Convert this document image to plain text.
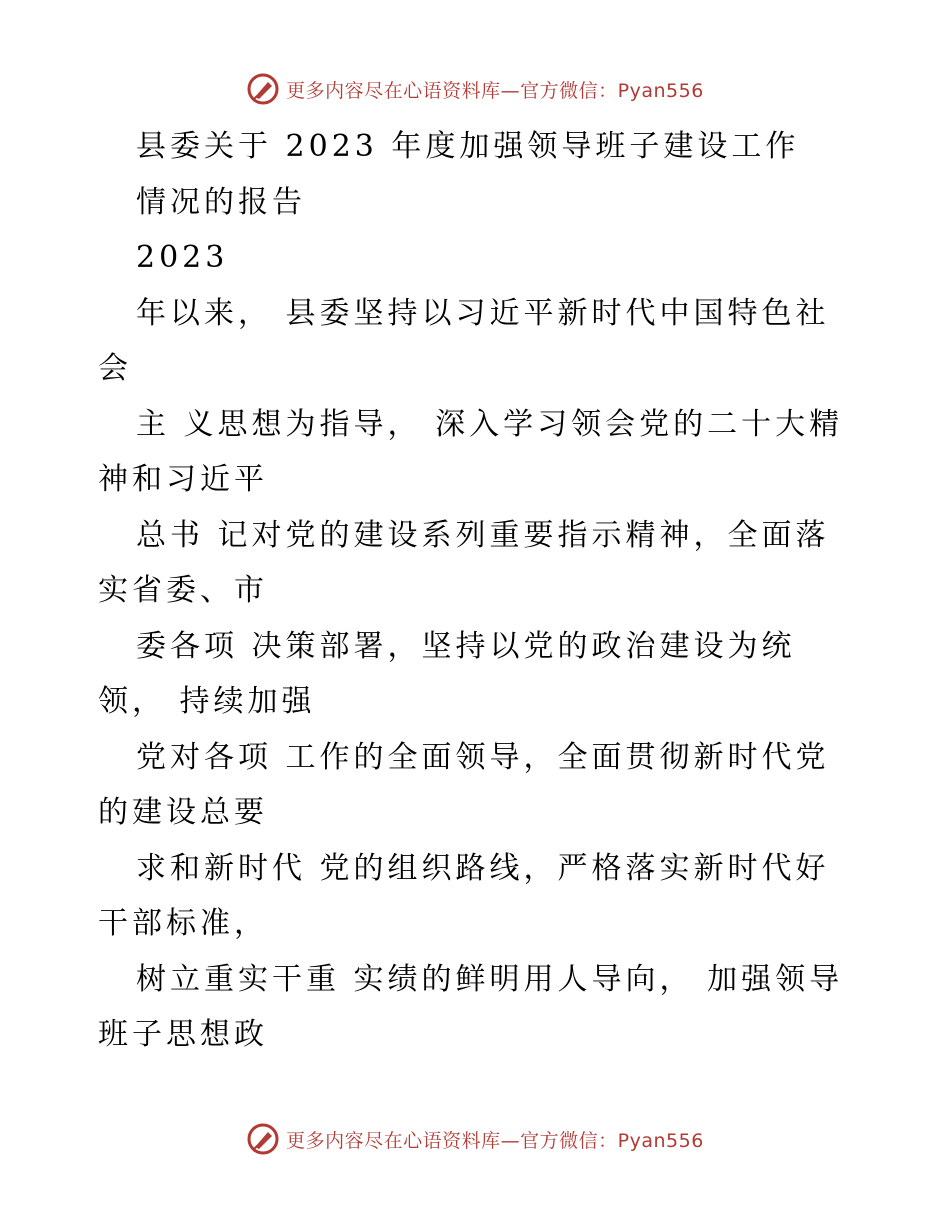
更多内容尽在心语资料库—官方微信：Pyan556
县委关于 2023 年度加强领导班子建设工作
情况的报告
2023
年以来， 县委坚持以习近平新时代中国特色社
会
主 义思想为指导， 深入学习领会党的二十大精
神和习近平
总书 记对党的建设系列重要指示精神，全面落
实省委、市
委各项 决策部署，坚持以党的政治建设为统
领， 持续加强
党对各项 工作的全面领导，全面贯彻新时代党
的建设总要
求和新时代 党的组织路线，严格落实新时代好
干部标准，
树立重实干重 实绩的鲜明用人导向， 加强领导
班子思想政
更多内容尽在心语资料库—官方微信：Pyan556
